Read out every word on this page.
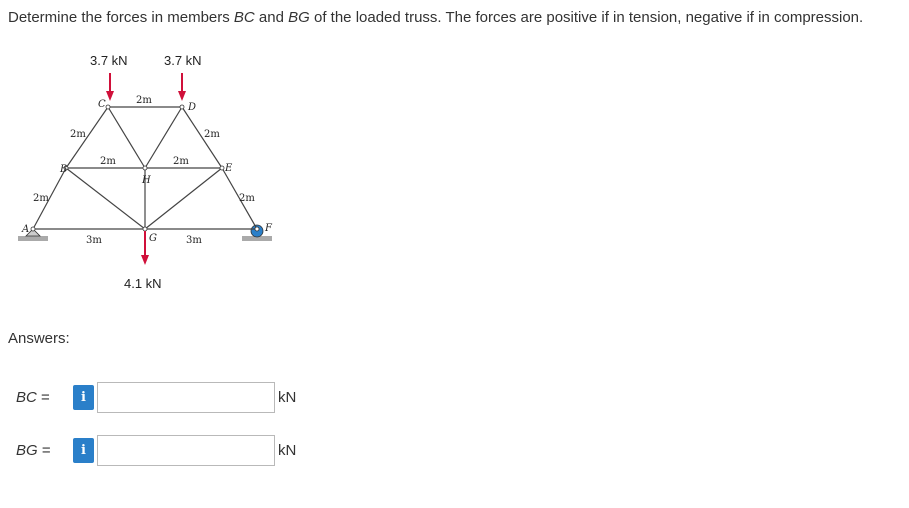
Determine the forces in members BC and BG of the loaded truss. The forces are positive if in tension, negative if in compression.
3.7 kN	3.7 kN
4.1 kN
A
B
C	D
E
F
G
H
2m
2m	2m
2m	2m
2m	2m
3m	3m
Answers:
BC =	i	kN
BG =	i	kN
